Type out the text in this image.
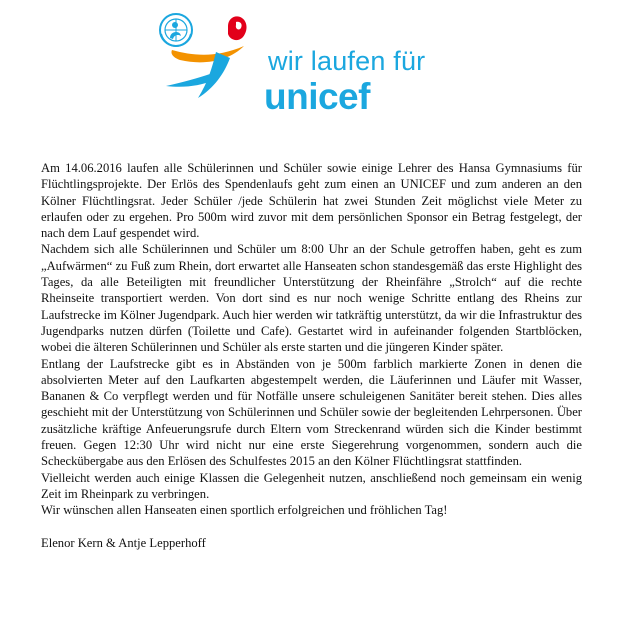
wir laufen für
unicef

Am 14.06.2016 laufen alle Schülerinnen und Schüler sowie einige Lehrer des Hansa Gymnasiums für Flüchtlingsprojekte. Der Erlös des Spendenlaufs geht zum einen an UNICEF und zum anderen an den Kölner Flüchtlingsrat. Jeder Schüler /jede Schülerin hat zwei Stunden Zeit möglichst viele Meter zu erlaufen oder zu ergehen. Pro 500m wird zuvor mit dem persönlichen Sponsor ein Betrag festgelegt, der nach dem Lauf gespendet wird.

Nachdem sich alle Schülerinnen und Schüler um 8:00 Uhr an der Schule getroffen haben, geht es zum „Aufwärmen“ zu Fuß zum Rhein, dort erwartet alle Hanseaten schon standesgemäß das erste Highlight des Tages, da alle Beteiligten mit freundlicher Unterstützung der Rheinfähre „Strolch“ auf die rechte Rheinseite transportiert werden. Von dort sind es nur noch wenige Schritte entlang des Rheins zur Laufstrecke im Kölner Jugendpark. Auch hier werden wir tatkräftig unterstützt, da wir die Infrastruktur des Jugendparks nutzen dürfen (Toilette und Cafe). Gestartet wird in aufeinander folgenden Startblöcken, wobei die älteren Schülerinnen und Schüler als erste starten und die jüngeren Kinder später.

Entlang der Laufstrecke gibt es in Abständen von je 500m farblich markierte Zonen in denen die absolvierten Meter auf den Laufkarten abgestempelt werden, die Läuferinnen und Läufer mit Wasser, Bananen & Co verpflegt werden und für Notfälle unsere schuleigenen Sanitäter bereit stehen. Dies alles geschieht mit der Unterstützung von Schülerinnen und Schüler sowie der begleitenden Lehrpersonen. Über zusätzliche kräftige Anfeuerungsrufe durch Eltern vom Streckenrand würden sich die Kinder bestimmt freuen. Gegen 12:30 Uhr wird nicht nur eine erste Siegerehrung vorgenommen, sondern auch die Scheckübergabe aus den Erlösen des Schulfestes 2015 an den Kölner Flüchtlingsrat stattfinden.

Vielleicht werden auch einige Klassen die Gelegenheit nutzen, anschließend noch gemeinsam ein wenig Zeit im Rheinpark zu verbringen.

Wir wünschen allen Hanseaten einen sportlich erfolgreichen und fröhlichen Tag!

Elenor Kern & Antje Lepperhoff
